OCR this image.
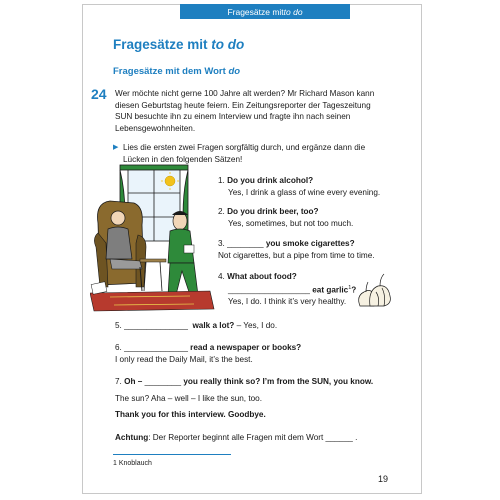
Fragesätze mit to do
Fragesätze mit to do
Fragesätze mit dem Wort do
24 Wer möchte nicht gerne 100 Jahre alt werden? Mr Richard Mason kann
diesen Geburtstag heute feiern. Ein Zeitungsreporter der Tageszeitung
SUN besuchte ihn zu einem Interview und fragte ihn nach seinen
Lebensgewohnheiten.

▶ Lies die ersten zwei Fragen sorgfältig durch, und ergänze dann die
Lücken in den folgenden Sätzen!

1. Do you drink alcohol?
Yes, I drink a glass of wine every evening.

2. Do you drink beer, too?
Yes, sometimes, but not too much.

3. ________ you smoke cigarettes?
Not cigarettes, but a pipe from time to time.

4. What about food?
__________________ eat garlic$^1$?
Yes, I do. I think it’s very healthy.

5. ______________ walk a lot? – Yes, I do.

6. ______________ read a newspaper or books?
I only read the Daily Mail, it’s the best.

7. Oh – ________ you really think so? I’m from the SUN, you know.
The sun? Aha – well – I like the sun, too.
Thank you for this interview. Goodbye.

Achtung: Der Reporter beginnt alle Fragen mit dem Wort ______ .

1 Knoblauch

19
